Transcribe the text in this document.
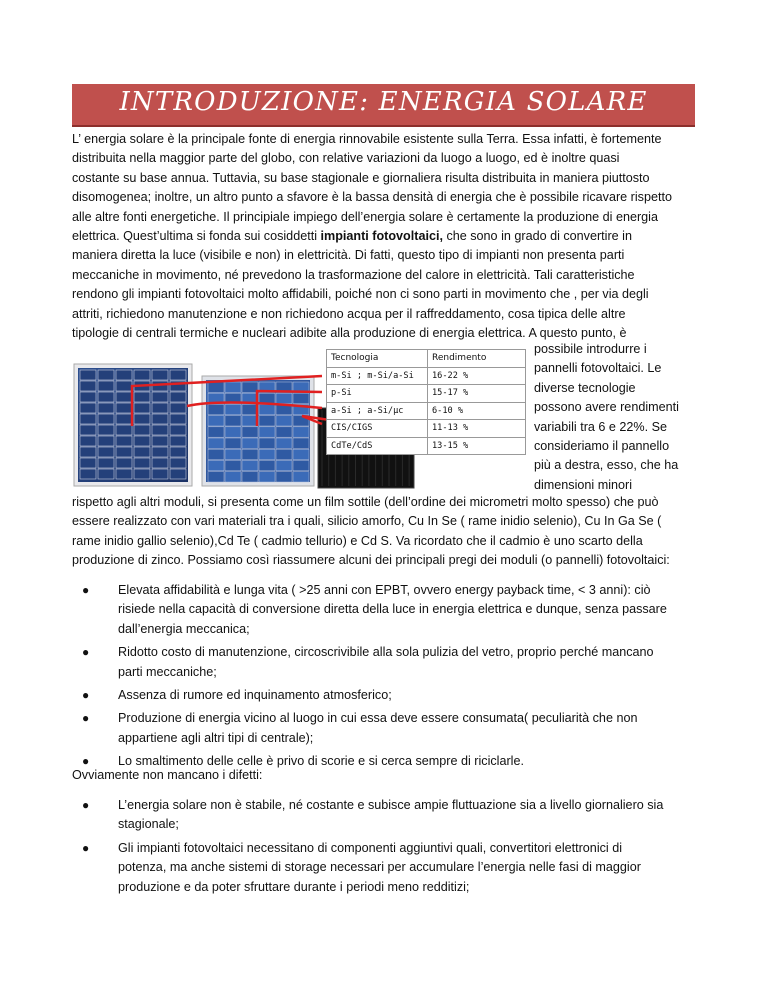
INTRODUZIONE: ENERGIA SOLARE
L’ energia solare è la principale fonte di energia rinnovabile esistente sulla Terra. Essa infatti, è fortemente
distribuita nella maggior parte del globo, con relative variazioni da luogo a luogo, ed è inoltre quasi
costante su base annua. Tuttavia, su base stagionale e giornaliera risulta distribuita in maniera piuttosto
disomogenea; inoltre, un altro punto a sfavore è la bassa densità di energia che è possibile ricavare rispetto
alle altre fonti energetiche. Il principiale impiego dell’energia solare è certamente la produzione di energia
elettrica. Quest’ultima si fonda sui cosiddetti impianti fotovoltaici, che sono in grado di convertire in
maniera diretta la luce (visibile e non) in elettricità. Di fatti, questo tipo di impianti non presenta parti
meccaniche in movimento, né prevedono la trasformazione del calore in elettricità. Tali caratteristiche
rendono gli impianti fotovoltaici molto affidabili, poiché non ci sono parti in movimento che , per via degli
attriti, richiedono manutenzione e non richiedono acqua per il raffreddamento, cosa tipica delle altre
tipologie di centrali termiche e nucleari adibite alla produzione di energia elettrica. A questo punto, è
Tecnologia	Rendimento
m-Si ; m-Si/a-Si	16-22 %
p-Si	15-17 %
a-Si ; a-Si/μc	6-10 %
CIS/CIGS	11-13 %
CdTe/CdS	13-15 %
possibile introdurre i
pannelli fotovoltaici. Le
diverse tecnologie
possono avere rendimenti
variabili tra 6 e 22%. Se
consideriamo il pannello
più a destra, esso, che ha
dimensioni minori
rispetto agli altri moduli, si presenta come un film sottile (dell’ordine dei micrometri molto spesso) che può
essere realizzato con vari materiali tra i quali, silicio amorfo, Cu In Se ( rame inidio selenio), Cu In Ga Se (
rame inidio gallio selenio),Cd Te ( cadmio tellurio) e Cd S. Va ricordato che il cadmio è uno scarto della
produzione di zinco. Possiamo così riassumere alcuni dei principali pregi dei moduli (o pannelli) fotovoltaici:
● Elevata affidabilità e lunga vita ( >25 anni con EPBT, ovvero energy payback time, < 3 anni): ciò
risiede nella capacità di conversione diretta della luce in energia elettrica e dunque, senza passare
dall’energia meccanica;
● Ridotto costo di manutenzione, circoscrivibile alla sola pulizia del vetro, proprio perché mancano
parti meccaniche;
● Assenza di rumore ed inquinamento atmosferico;
● Produzione di energia vicino al luogo in cui essa deve essere consumata( peculiarità che non
appartiene agli altri tipi di centrale);
● Lo smaltimento delle celle è privo di scorie e si cerca sempre di riciclarle.
Ovviamente non mancano i difetti:
● L’energia solare non è stabile, né costante e subisce ampie fluttuazione sia a livello giornaliero sia
stagionale;
● Gli impianti fotovoltaici necessitano di componenti aggiuntivi quali, convertitori elettronici di
potenza, ma anche sistemi di storage necessari per accumulare l’energia nelle fasi di maggior
produzione e da poter sfruttare durante i periodi meno redditizi;
